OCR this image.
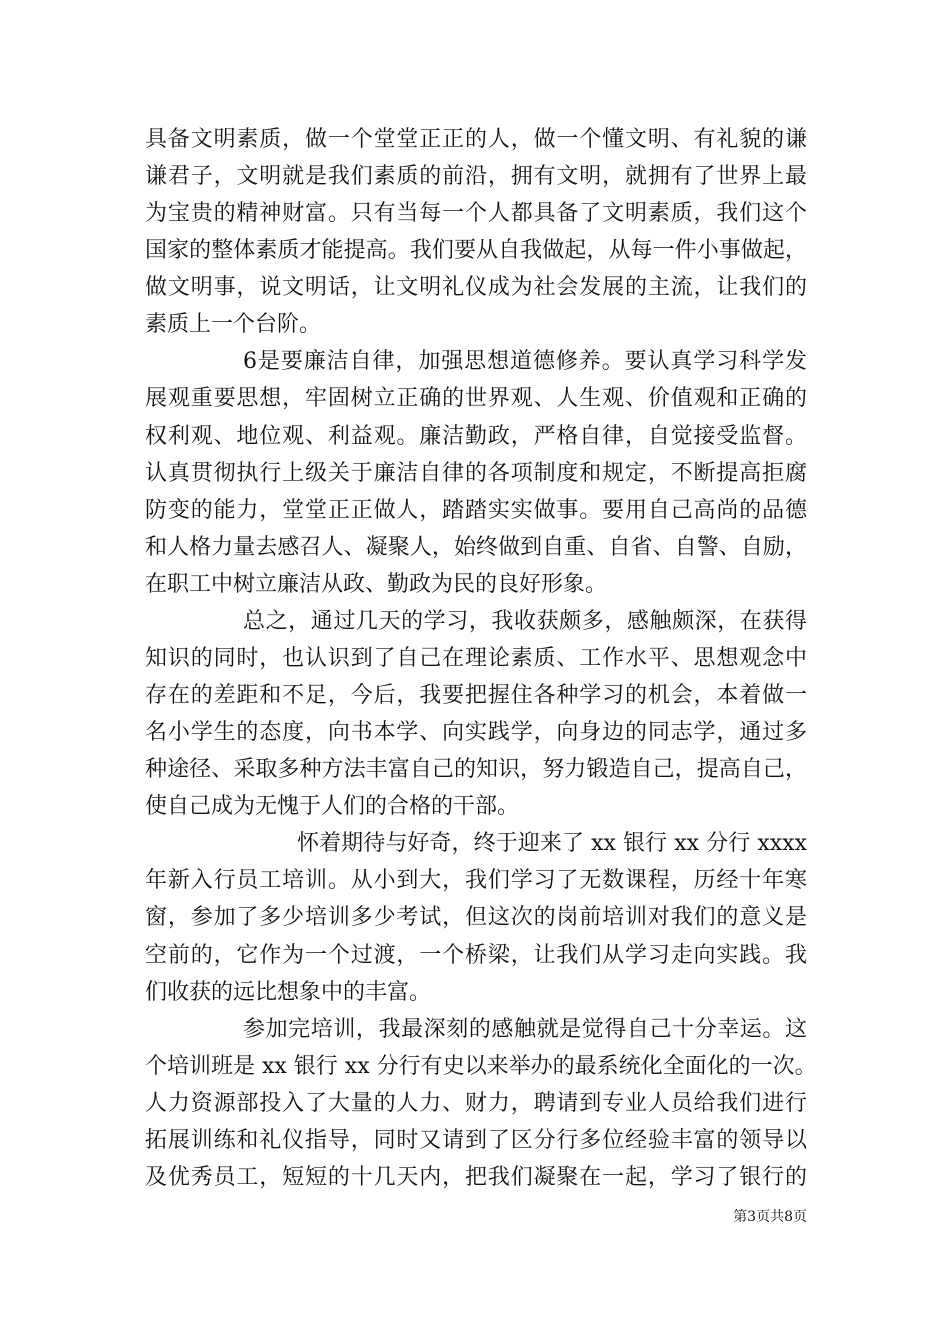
具备文明素质，做一个堂堂正正的人，做一个懂文明、有礼貌的谦
谦君子，文明就是我们素质的前沿，拥有文明，就拥有了世界上最
为宝贵的精神财富。只有当每一个人都具备了文明素质，我们这个
国家的整体素质才能提高。我们要从自我做起，从每一件小事做起，
做文明事，说文明话，让文明礼仪成为社会发展的主流，让我们的
素质上一个台阶。
6是要廉洁自律，加强思想道德修养。要认真学习科学发
展观重要思想，牢固树立正确的世界观、人生观、价值观和正确的
权利观、地位观、利益观。廉洁勤政，严格自律，自觉接受监督。
认真贯彻执行上级关于廉洁自律的各项制度和规定，不断提高拒腐
防变的能力，堂堂正正做人，踏踏实实做事。要用自己高尚的品德
和人格力量去感召人、凝聚人，始终做到自重、自省、自警、自励，
在职工中树立廉洁从政、勤政为民的良好形象。
总之，通过几天的学习，我收获颇多，感触颇深，在获得
知识的同时，也认识到了自己在理论素质、工作水平、思想观念中
存在的差距和不足，今后，我要把握住各种学习的机会，本着做一
名小学生的态度，向书本学、向实践学，向身边的同志学，通过多
种途径、采取多种方法丰富自己的知识，努力锻造自己，提高自己，
使自己成为无愧于人们的合格的干部。
怀着期待与好奇，终于迎来了 xx 银行 xx 分行 xxxx
年新入行员工培训。从小到大，我们学习了无数课程，历经十年寒
窗，参加了多少培训多少考试，但这次的岗前培训对我们的意义是
空前的，它作为一个过渡，一个桥梁，让我们从学习走向实践。我
们收获的远比想象中的丰富。
参加完培训，我最深刻的感触就是觉得自己十分幸运。这
个培训班是 xx 银行 xx 分行有史以来举办的最系统化全面化的一次。
人力资源部投入了大量的人力、财力，聘请到专业人员给我们进行
拓展训练和礼仪指导，同时又请到了区分行多位经验丰富的领导以
及优秀员工，短短的十几天内，把我们凝聚在一起，学习了银行的
第3页共8页
